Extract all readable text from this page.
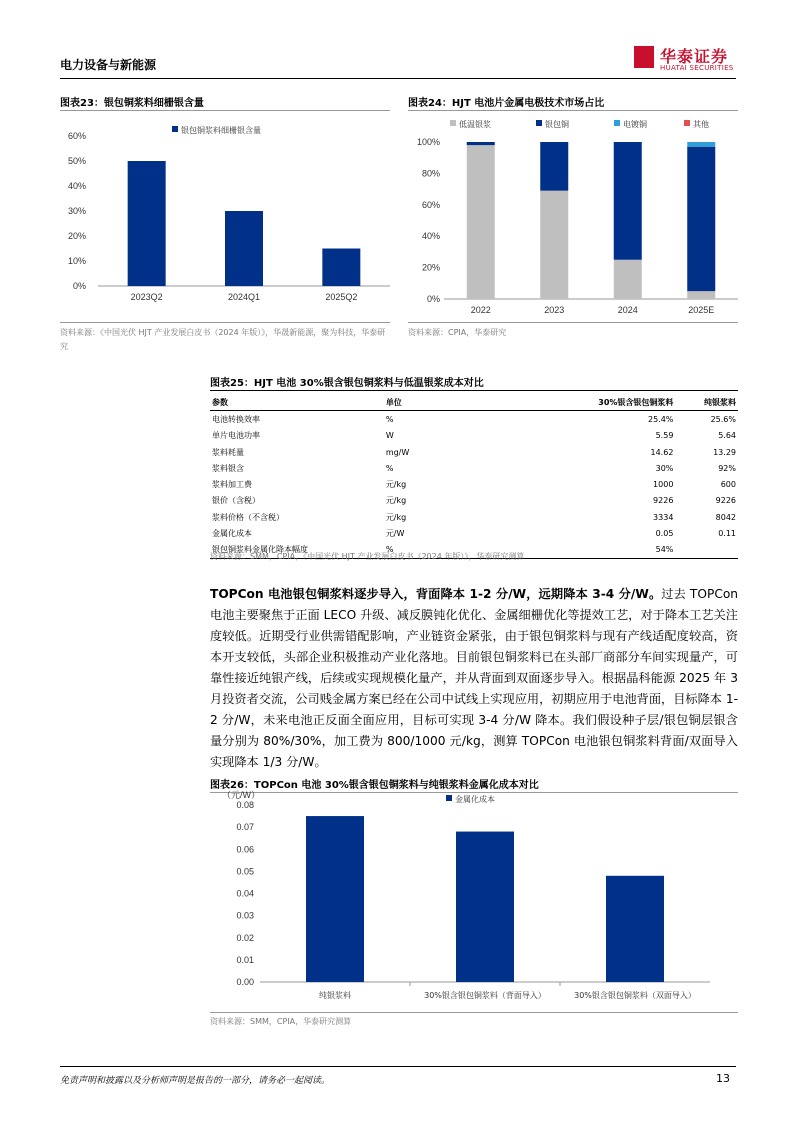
电力设备与新能源	华泰证券
HUATAI SECURITIES
图表23：银包铜浆料细栅银含量
0%
10%
20%
30%
40%
50%
60%
2023Q2	2024Q1	2025Q2
银包铜浆料细栅银含量
资料来源：《中国光伏 HJT 产业发展白皮书（2024 年版）》，华晟新能源，聚为科技，华泰研究
图表24：HJT 电池片金属电极技术市场占比
低温银浆	银包铜	电镀铜	其他
0%
20%
40%
60%
80%
100%
2022	2023	2024	2025E
资料来源：CPIA，华泰研究
图表25：HJT 电池 30%银含银包铜浆料与低温银浆成本对比
参数	单位	30%银含银包铜浆料	纯银浆料
电池转换效率	%	25.4%	25.6%
单片电池功率	W	5.59	5.64
浆料耗量	mg/W	14.62	13.29
浆料银含	%	30%	92%
浆料加工费	元/kg	1000	600
银价（含税）	元/kg	9226	9226
浆料价格（不含税）	元/kg	3334	8042
金属化成本	元/W	0.05	0.11
银包铜浆料金属化降本幅度	%	54%	
资料来源：SMM，CPIA，《中国光伏 HJT 产业发展白皮书（2024 年版）》，华泰研究测算
TOPCon 电池银包铜浆料逐步导入，背面降本 1-2 分/W，远期降本 3-4 分/W。过去 TOPCon 电池主要聚焦于正面 LECO 升级、减反膜钝化优化、金属细栅优化等提效工艺，对于降本工艺关注度较低。近期受行业供需错配影响，产业链资金紧张，由于银包铜浆料与现有产线适配度较高，资本开支较低，头部企业积极推动产业化落地。目前银包铜浆料已在头部厂商部分车间实现量产，可靠性接近纯银产线，后续或实现规模化量产，并从背面到双面逐步导入。根据晶科能源 2025 年 3 月投资者交流，公司贱金属方案已经在公司中试线上实现应用，初期应用于电池背面，目标降本 1-2 分/W，未来电池正反面全面应用，目标可实现 3-4 分/W 降本。我们假设种子层/银包铜层银含量分别为 80%/30%，加工费为 800/1000 元/kg，测算 TOPCon 电池银包铜浆料背面/双面导入实现降本 1/3 分/W。
图表26：TOPCon 电池 30%银含银包铜浆料与纯银浆料金属化成本对比
（元/W）
0.00
0.01
0.02
0.03
0.04
0.05
0.06
0.07
0.08
纯银浆料	30%银含银包铜浆料（背面导入）	30%银含银包铜浆料（双面导入）
金属化成本
资料来源：SMM，CPIA，华泰研究测算
免责声明和披露以及分析师声明是报告的一部分，请务必一起阅读。	13
